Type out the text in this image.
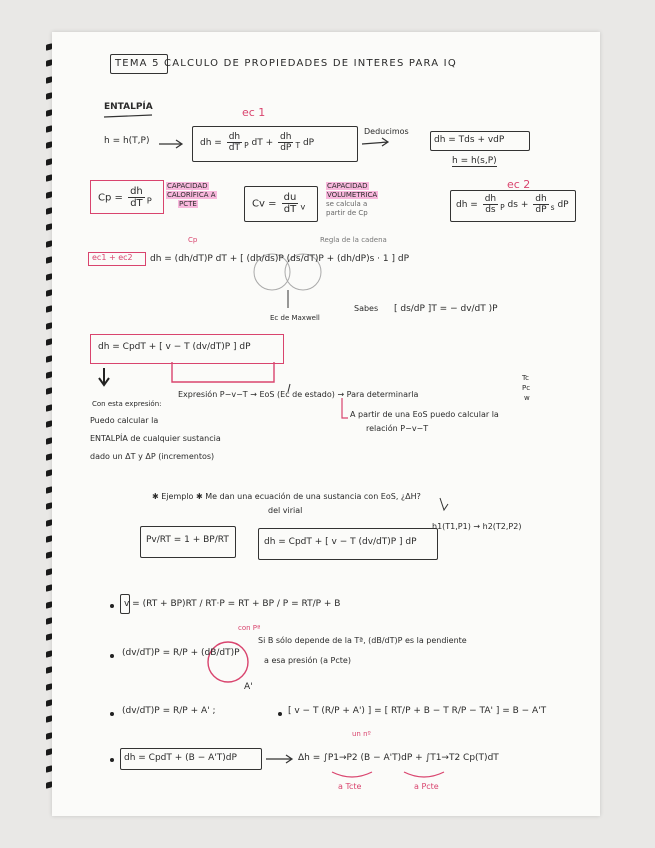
TEMA 5 CALCULO DE PROPIEDADES DE INTERES PARA IQ
ENTALPÍA	ec 1
h = h(T,P)	dh = $\frac{dh}{dT} _P$ dT + $\frac{dh}{dP} _T$ dP
Deducimos
dh = Tds + vdP
h = h(s,P)
ec 2
dh = $\frac{dh}{ds} _P$ ds + $\frac{dh}{dP} _s$ dP
$Cp = \frac{dh}{dT} _P$
CAPACIDAD
CALORÍFICA A
PCTE	$Cv = \frac{du}{dT} _v$
CAPACIDAD
VOLUMETRICA
se calcula a
partir de Cp
Cp
ec1 + ec2 dh = (dh/dT)P dT + [ (dh/ds)P (ds/dT)P + (dh/dP)s · 1 ] dP
Regla de la cadena
Ec de Maxwell
Sabes [ ds/dP ]T = − dv/dT )P
dh = CpdT + [ v − T (dv/dT)P ] dP
Expresión P−v−T → EoS (Ec de estado) → Para determinarla
Tc
Pc
w
A partir de una EoS puedo calcular la
relación P−v−T
Con esta expresión:
Puedo calcular la
ENTALPÍA de cualquier sustancia
dado un ΔT y ΔP (incrementos)
✱ Ejemplo ✱ Me dan una ecuación de una sustancia con EoS, ¿ΔH?
del virial
h1(T1,P1) → h2(T2,P2)
Pv/RT = 1 + BP/RT	dh = CpdT + [ v − T (dv/dT)P ] dP
v = (RT + BP)RT / RT·P = RT + BP / P = RT/P + B
(dv/dT)P = R/P + (dB/dT)P
con Pª
Si B sólo depende de la Tª, (dB/dT)P es la pendiente
a esa presión (a Pcte)
A'
(dv/dT)P = R/P + A' ;	[ v − T (R/P + A') ] = [ RT/P + B − T R/P − TA' ] = B − A'T
dh = CpdT + (B − A'T)dP
un nº
Δh = ∫P1→P2 (B − A'T)dP + ∫T1→T2 Cp(T)dT
a Tcte	a Pcte
